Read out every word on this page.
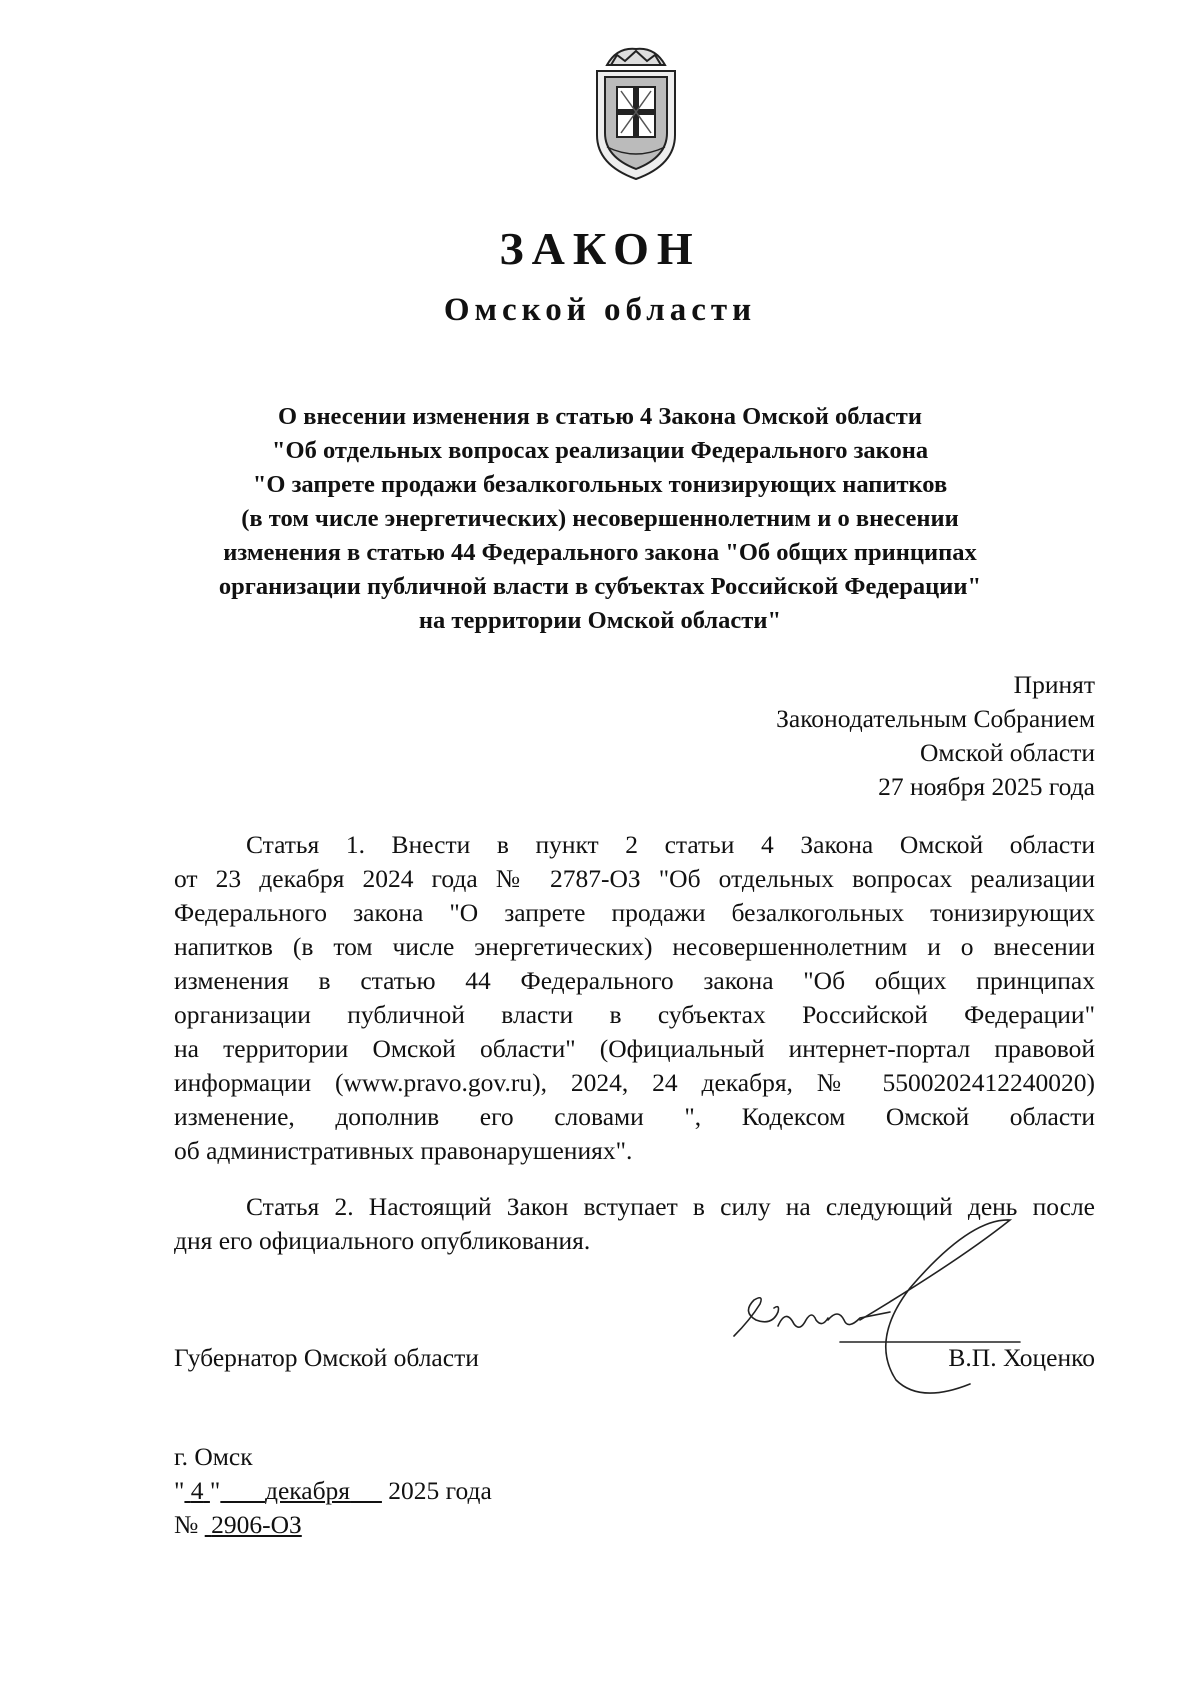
ЗАКОН
Омской области
О внесении изменения в статью 4 Закона Омской области
"Об отдельных вопросах реализации Федерального закона
"О запрете продажи безалкогольных тонизирующих напитков
(в том числе энергетических) несовершеннолетним и о внесении
изменения в статью 44 Федерального закона "Об общих принципах
организации публичной власти в субъектах Российской Федерации"
на территории Омской области"
Принят
Законодательным Собранием
Омской области
27 ноября 2025 года
Статья 1. Внести в пункт 2 статьи 4 Закона Омской области
от 23 декабря 2024 года № 2787-ОЗ "Об отдельных вопросах реализации
Федерального закона "О запрете продажи безалкогольных тонизирующих
напитков (в том числе энергетических) несовершеннолетним и о внесении
изменения в статью 44 Федерального закона "Об общих принципах
организации публичной власти в субъектах Российской Федерации"
на территории Омской области" (Официальный интернет-портал правовой
информации (www.pravo.gov.ru), 2024, 24 декабря, № 5500202412240020)
изменение, дополнив его словами ", Кодексом Омской области
об административных правонарушениях".
Статья 2. Настоящий Закон вступает в силу на следующий день после
дня его официального опубликования.
Губернатор Омской области	В.П. Хоценко
г. Омск
" 4 " декабря 2025 года
№ 2906-ОЗ
